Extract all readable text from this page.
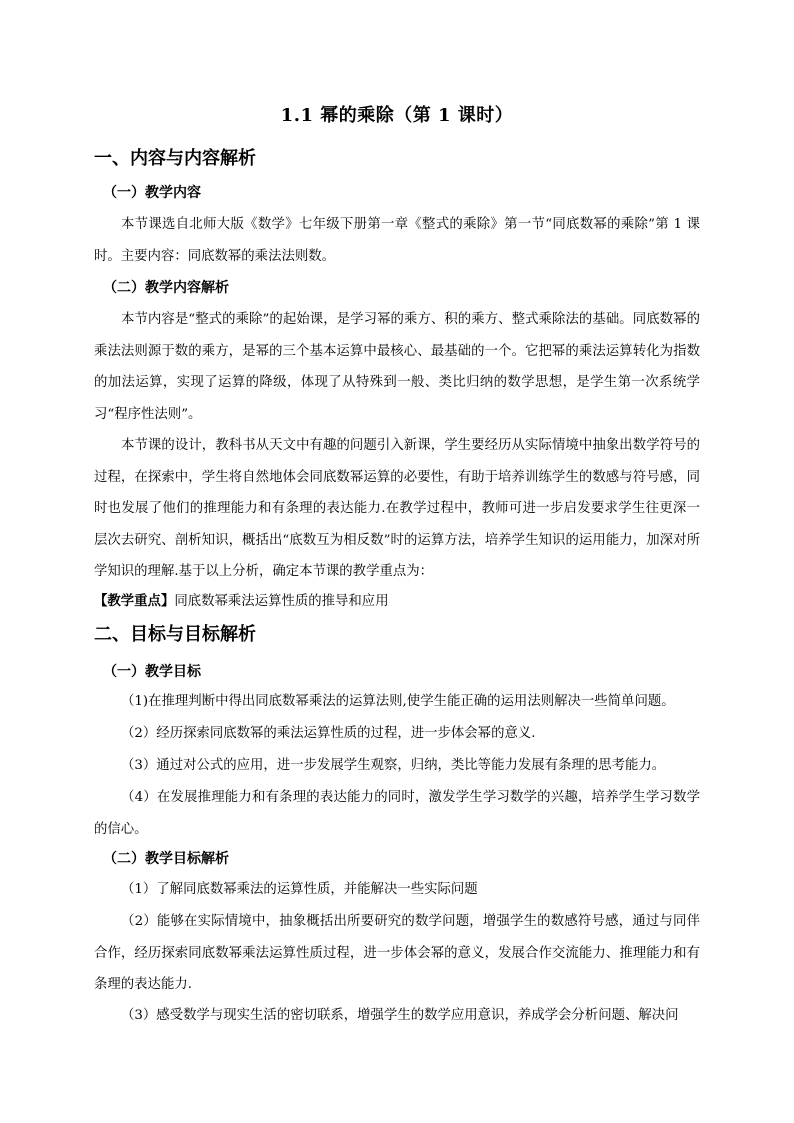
1.1 幂的乘除（第 1 课时）
一、内容与内容解析
（一）教学内容

本节课选自北师大版《数学》七年级下册第一章《整式的乘除》第一节“同底数幂的乘除”第 1 课时。主要内容：同底数幂的乘法法则数。

（二）教学内容解析

本节内容是“整式的乘除”的起始课，是学习幂的乘方、积的乘方、整式乘除法的基础。同底数幂的乘法法则源于数的乘方，是幂的三个基本运算中最核心、最基础的一个。它把幂的乘法运算转化为指数的加法运算，实现了运算的降级，体现了从特殊到一般、类比归纳的数学思想，是学生第一次系统学习“程序性法则”。

本节课的设计，教科书从天文中有趣的问题引入新课，学生要经历从实际情境中抽象出数学符号的过程，在探索中，学生将自然地体会同底数幂运算的必要性，有助于培养训练学生的数感与符号感，同时也发展了他们的推理能力和有条理的表达能力.在教学过程中，教师可进一步启发要求学生往更深一层次去研究、剖析知识，概括出“底数互为相反数”时的运算方法，培养学生知识的运用能力，加深对所学知识的理解.基于以上分析，确定本节课的教学重点为：

【教学重点】同底数幂乘法运算性质的推导和应用
二、目标与目标解析
（一）教学目标

（1)在推理判断中得出同底数幂乘法的运算法则,使学生能正确的运用法则解决一些简单问题。

（2）经历探索同底数幂的乘法运算性质的过程，进一步体会幂的意义.

（3）通过对公式的应用，进一步发展学生观察，归纳，类比等能力发展有条理的思考能力。

（4）在发展推理能力和有条理的表达能力的同时，激发学生学习数学的兴趣，培养学生学习数学的信心。

（二）教学目标解析

（1）了解同底数幂乘法的运算性质，并能解决一些实际问题

（2）能够在实际情境中，抽象概括出所要研究的数学问题，增强学生的数感符号感，通过与同伴合作，经历探索同底数幂乘法运算性质过程，进一步体会幂的意义，发展合作交流能力、推理能力和有条理的表达能力.

（3）感受数学与现实生活的密切联系，增强学生的数学应用意识，养成学会分析问题、解决问
